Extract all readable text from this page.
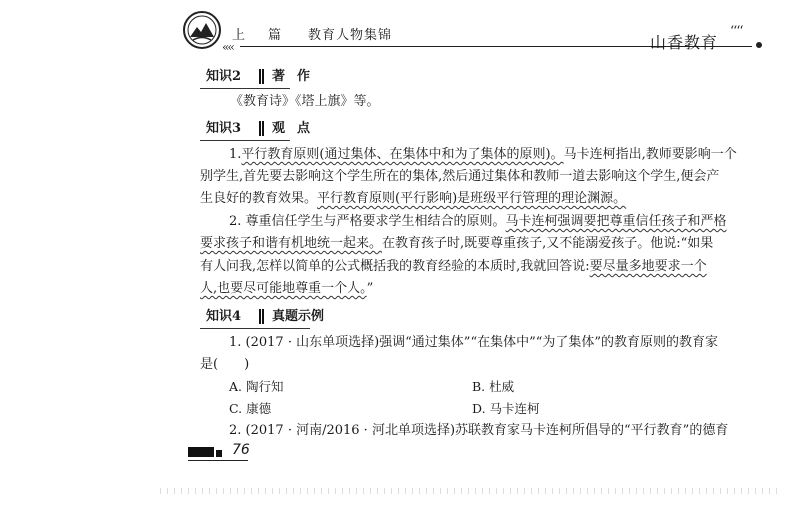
上 篇 教育人物集锦
«‹‹	山香教育
‘‘‘‘
知识2 著作
《教育诗》《塔上旗》等。
知识3 观点
1.平行教育原则(通过集体、在集体中和为了集体的原则)。马卡连柯指出,教师要影响一个
别学生,首先要去影响这个学生所在的集体,然后通过集体和教师一道去影响这个学生,便会产
生良好的教育效果。平行教育原则(平行影响)是班级平行管理的理论渊源。
2. 尊重信任学生与严格要求学生相结合的原则。马卡连柯强调要把尊重信任孩子和严格
要求孩子和谐有机地统一起来。在教育孩子时,既要尊重孩子,又不能溺爱孩子。他说:“如果
有人问我,怎样以简单的公式概括我的教育经验的本质时,我就回答说:要尽量多地要求一个
人,也要尽可能地尊重一个人。”
知识4 真题示例
1. (2017 · 山东单项选择)强调“通过集体”“在集体中”“为了集体”的教育原则的教育家
是(　　)
A. 陶行知	B. 杜威
C. 康德	D. 马卡连柯
2. (2017 · 河南/2016 · 河北单项选择)苏联教育家马卡连柯所倡导的“平行教育”的德育
76
